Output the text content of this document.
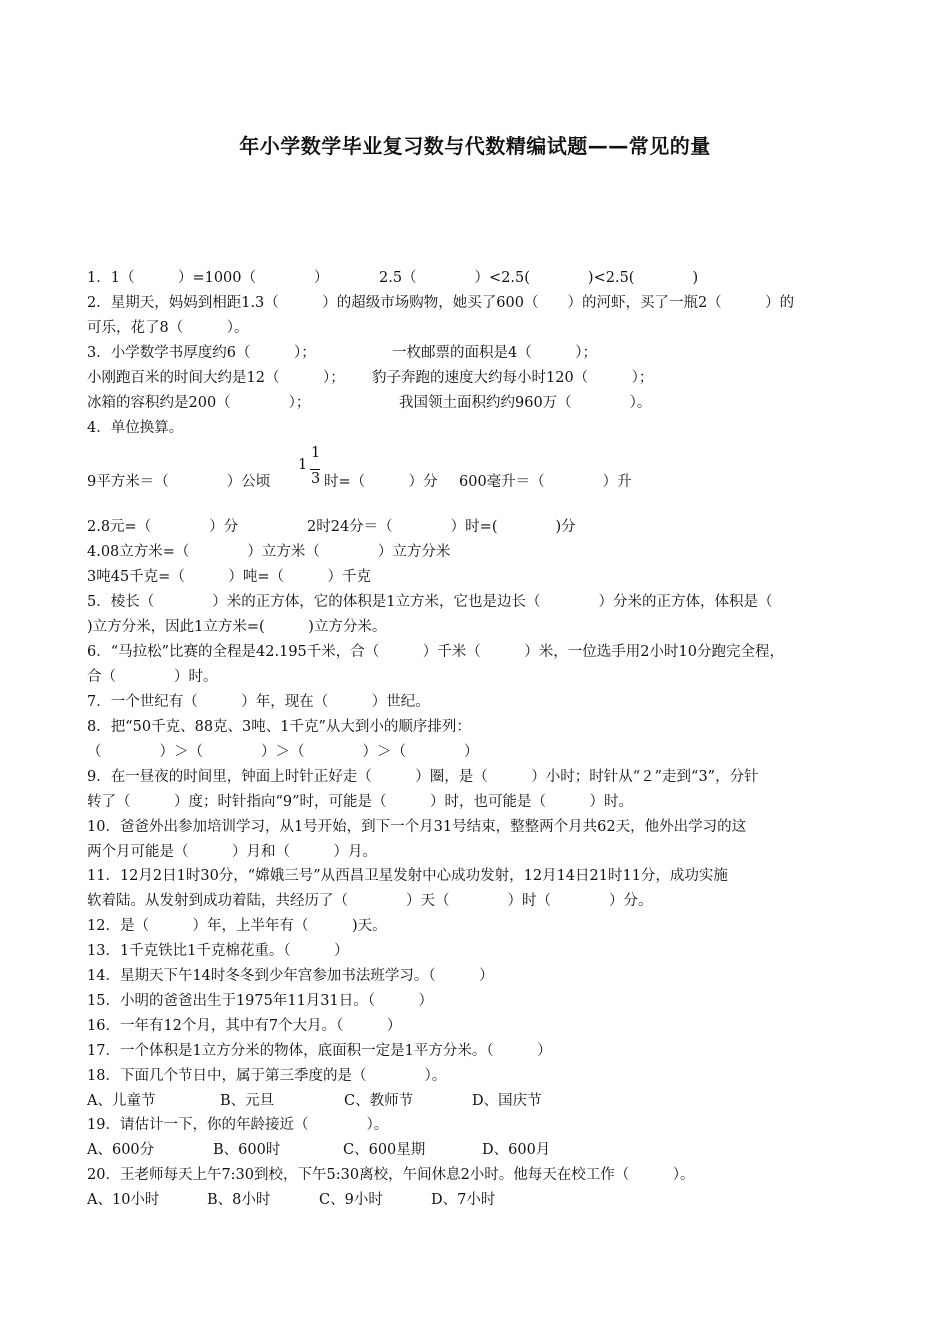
年小学数学毕业复习数与代数精编试题——常见的量

1．1（　　　）=1000（　　　　）

	2.5（　　　　）<2.5(　　　　)<2.5(　　　　)

2．星期天，妈妈到相距1.3（　　　）的超级市场购物，她买了600（　　）的河虾，买了一瓶2（　　　）的
可乐，花了8（　　　）。

3．小学数学书厚度约6（　　　）；

	一枚邮票的面积是4（　　　）；

小刚跑百米的时间大约是12（　　　）；

豹子奔跑的速度大约每小时120（　　　）；

冰箱的容积约是200（　　　　）；

	我国领土面积约约960万（　　　　）。

4．单位换算。
1
1
3

9平方米＝（　　　　）公顷

	时=（　　　）分

600毫升＝（　　　　）升

2.8元=（　　　　）分

	2时24分＝（　　　　）时=(　　　　)分

4.08立方米=（　　　　）立方米（　　　　）立方分米
3吨45千克=（　　　）吨=（　　　）千克
5．棱长（　　　　）米的正方体，它的体积是1立方米，它也是边长（　　　　）分米的正方体，体积是（
)立方分米，因此1立方米=(　　　)立方分米。
6．“马拉松”比赛的全程是42.195千米，合（　　　）千米（　　　）米，一位选手用2小时10分跑完全程，
合（　　　　）时。
7．一个世纪有（　　　）年，现在（　　　）世纪。
8．把“50千克、88克、3吨、1千克”从大到小的顺序排列：
（　　　　）＞（　　　　）＞（　　　　）＞（　　　　）
9．在一昼夜的时间里，钟面上时针正好走（　　　）圈，是（　　　）小时；时针从“２”走到“3”，分针
转了（　　　）度；时针指向“9”时，可能是（　　　）时，也可能是（　　　）时。
10．爸爸外出参加培训学习，从1号开始，到下一个月31号结束，整整两个月共62天，他外出学习的这
两个月可能是（　　　）月和（　　　）月。
11．12月2日1时30分，“嫦娥三号”从西昌卫星发射中心成功发射，12月14日21时11分，成功实施
软着陆。从发射到成功着陆，共经历了（　　　　）天（　　　　）时（　　　　）分。
12．是（　　　）年，上半年有（　　　)天。
13．1千克铁比1千克棉花重。（　　　）
14．星期天下午14时冬冬到少年宫参加书法班学习。（　　　）
15．小明的爸爸出生于1975年11月31日。（　　　）
16．一年有12个月，其中有7个大月。（　　　）
17．一个体积是1立方分米的物体，底面积一定是1平方分米。（　　　）
18．下面几个节日中，属于第三季度的是（　　　　）。

A、儿童节

	B、元旦

	C、教师节

	D、国庆节

19．请估计一下，你的年龄接近（　　　　）。

A、600分

	B、600时

	C、600星期

	D、600月

20．王老师每天上午7:30到校，下午5:30离校，午间休息2小时。他每天在校工作（　　　）。

A、10小时

	B、8小时

	C、9小时

	D、7小时
